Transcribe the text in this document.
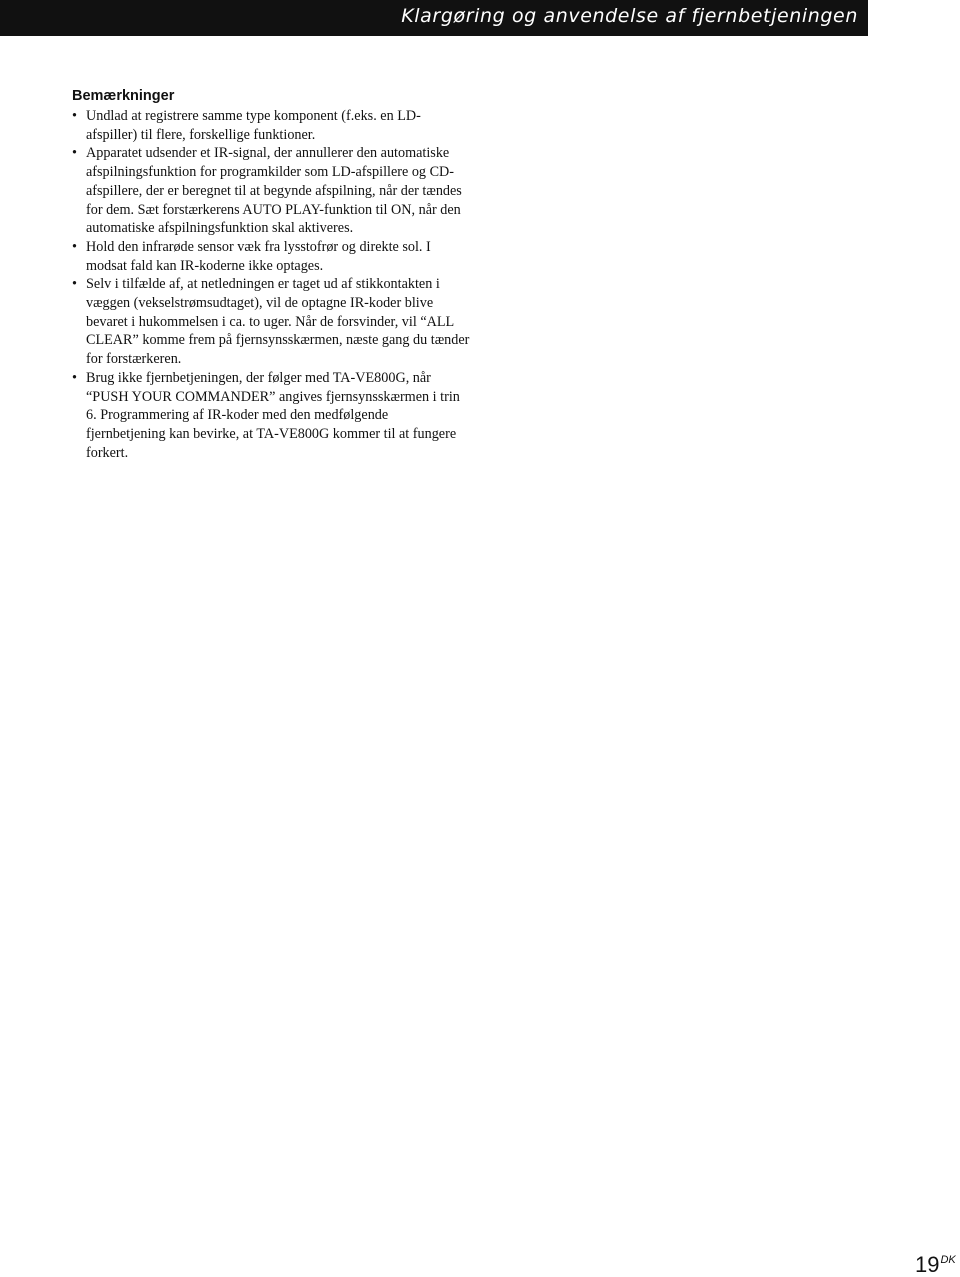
Klargøring og anvendelse af fjernbetjeningen
Bemærkninger
• Undlad at registrere samme type komponent (f.eks. en LD-afspiller) til flere, forskellige funktioner.
• Apparatet udsender et IR-signal, der annullerer den automatiske afspilningsfunktion for programkilder som LD-afspillere og CD-afspillere, der er beregnet til at begynde afspilning, når der tændes for dem. Sæt forstærkerens AUTO PLAY-funktion til ON, når den automatiske afspilningsfunktion skal aktiveres.
• Hold den infrarøde sensor væk fra lysstofrør og direkte sol. I modsat fald kan IR-koderne ikke optages.
• Selv i tilfælde af, at netledningen er taget ud af stikkontakten i væggen (vekselstrømsudtaget), vil de optagne IR-koder blive bevaret i hukommelsen i ca. to uger. Når de forsvinder, vil “ALL CLEAR” komme frem på fjernsynsskærmen, næste gang du tænder for forstærkeren.
• Brug ikke fjernbetjeningen, der følger med TA-VE800G, når “PUSH YOUR COMMANDER” angives fjernsynsskærmen i trin 6. Programmering af IR-koder med den medfølgende fjernbetjening kan bevirke, at TA-VE800G kommer til at fungere forkert.
$19^{DK}$
